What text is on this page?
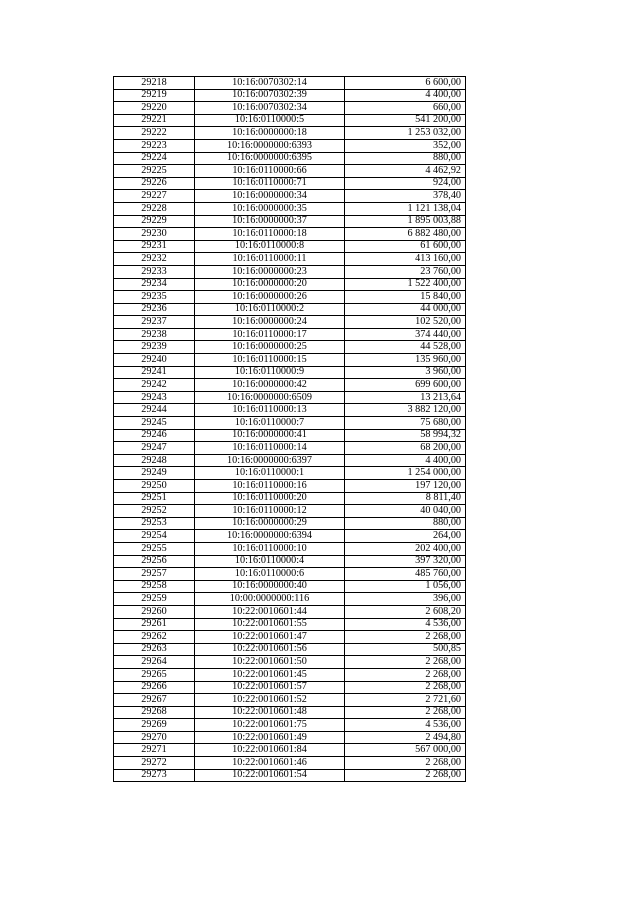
29218	10:16:0070302:14	6 600,00
29219	10:16:0070302:39	4 400,00
29220	10:16:0070302:34	660,00
29221	10:16:0110000:5	541 200,00
29222	10:16:0000000:18	1 253 032,00
29223	10:16:0000000:6393	352,00
29224	10:16:0000000:6395	880,00
29225	10:16:0110000:66	4 462,92
29226	10:16:0110000:71	924,00
29227	10:16:0000000:34	378,40
29228	10:16:0000000:35	1 121 138,04
29229	10:16:0000000:37	1 895 003,88
29230	10:16:0110000:18	6 882 480,00
29231	10:16:0110000:8	61 600,00
29232	10:16:0110000:11	413 160,00
29233	10:16:0000000:23	23 760,00
29234	10:16:0000000:20	1 522 400,00
29235	10:16:0000000:26	15 840,00
29236	10:16:0110000:2	44 000,00
29237	10:16:0000000:24	102 520,00
29238	10:16:0110000:17	374 440,00
29239	10:16:0000000:25	44 528,00
29240	10:16:0110000:15	135 960,00
29241	10:16:0110000:9	3 960,00
29242	10:16:0000000:42	699 600,00
29243	10:16:0000000:6509	13 213,64
29244	10:16:0110000:13	3 882 120,00
29245	10:16:0110000:7	75 680,00
29246	10:16:0000000:41	58 994,32
29247	10:16:0110000:14	68 200,00
29248	10:16:0000000:6397	4 400,00
29249	10:16:0110000:1	1 254 000,00
29250	10:16:0110000:16	197 120,00
29251	10:16:0110000:20	8 811,40
29252	10:16:0110000:12	40 040,00
29253	10:16:0000000:29	880,00
29254	10:16:0000000:6394	264,00
29255	10:16:0110000:10	202 400,00
29256	10:16:0110000:4	397 320,00
29257	10:16:0110000:6	485 760,00
29258	10:16:0000000:40	1 056,00
29259	10:00:0000000:116	396,00
29260	10:22:0010601:44	2 608,20
29261	10:22:0010601:55	4 536,00
29262	10:22:0010601:47	2 268,00
29263	10:22:0010601:56	500,85
29264	10:22:0010601:50	2 268,00
29265	10:22:0010601:45	2 268,00
29266	10:22:0010601:57	2 268,00
29267	10:22:0010601:52	2 721,60
29268	10:22:0010601:48	2 268,00
29269	10:22:0010601:75	4 536,00
29270	10:22:0010601:49	2 494,80
29271	10:22:0010601:84	567 000,00
29272	10:22:0010601:46	2 268,00
29273	10:22:0010601:54	2 268,00
